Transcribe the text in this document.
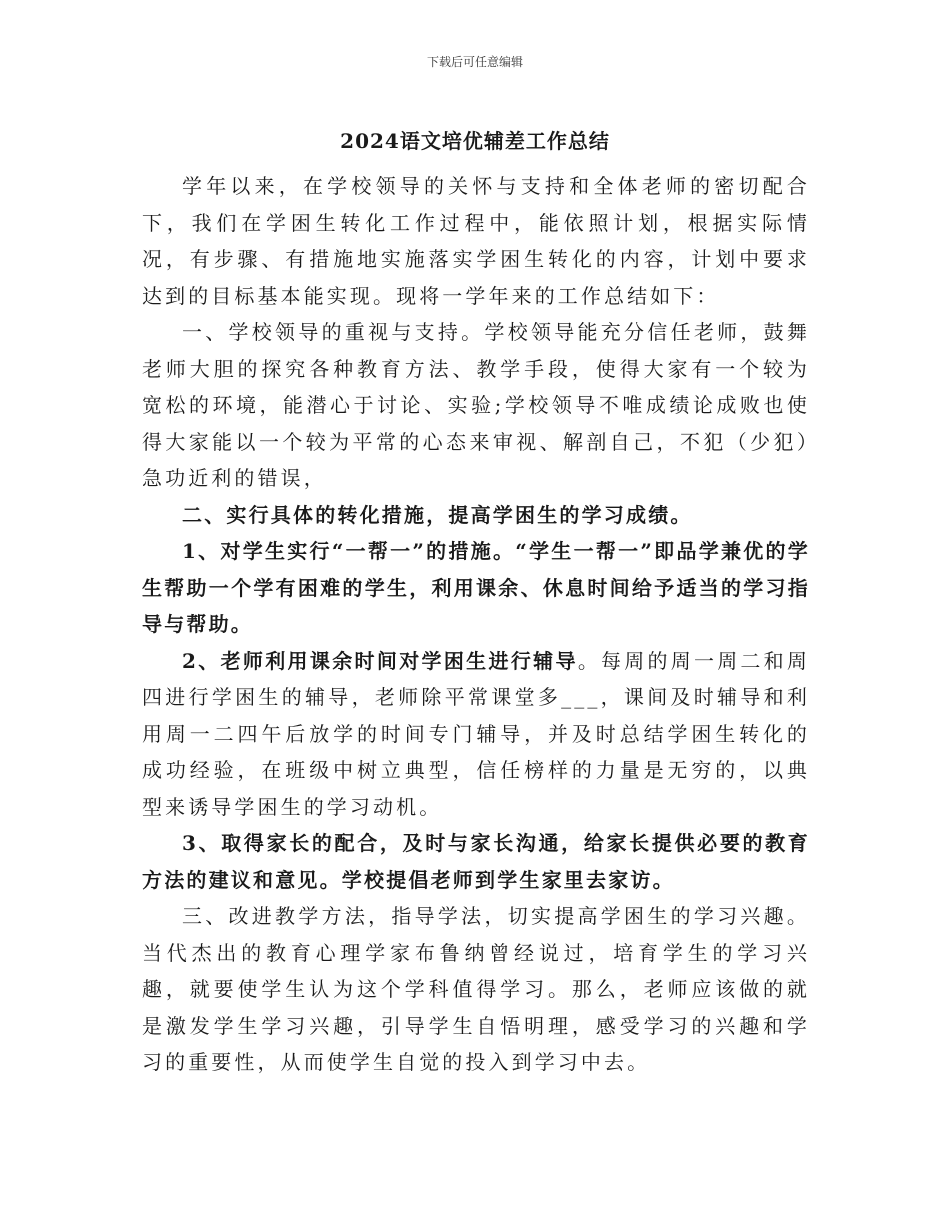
下载后可任意编辑
2024语文培优辅差工作总结

学年以来，在学校领导的关怀与支持和全体老师的密切配合下，我们在学困生转化工作过程中，能依照计划，根据实际情况，有步骤、有措施地实施落实学困生转化的内容，计划中要求达到的目标基本能实现。现将一学年来的工作总结如下：

一、学校领导的重视与支持。学校领导能充分信任老师，鼓舞老师大胆的探究各种教育方法、教学手段，使得大家有一个较为宽松的环境，能潜心于讨论、实验;学校领导不唯成绩论成败也使得大家能以一个较为平常的心态来审视、解剖自己，不犯（少犯）急功近利的错误，

二、实行具体的转化措施，提高学困生的学习成绩。

1、对学生实行“一帮一”的措施。“学生一帮一”即品学兼优的学生帮助一个学有困难的学生，利用课余、休息时间给予适当的学习指导与帮助。

2、老师利用课余时间对学困生进行辅导。每周的周一周二和周四进行学困生的辅导，老师除平常课堂多___，课间及时辅导和利用周一二四午后放学的时间专门辅导，并及时总结学困生转化的成功经验，在班级中树立典型，信任榜样的力量是无穷的，以典型来诱导学困生的学习动机。

3、取得家长的配合，及时与家长沟通，给家长提供必要的教育方法的建议和意见。学校提倡老师到学生家里去家访。

三、改进教学方法，指导学法，切实提高学困生的学习兴趣。当代杰出的教育心理学家布鲁纳曾经说过，培育学生的学习兴趣，就要使学生认为这个学科值得学习。那么，老师应该做的就是激发学生学习兴趣，引导学生自悟明理，感受学习的兴趣和学习的重要性，从而使学生自觉的投入到学习中去。
